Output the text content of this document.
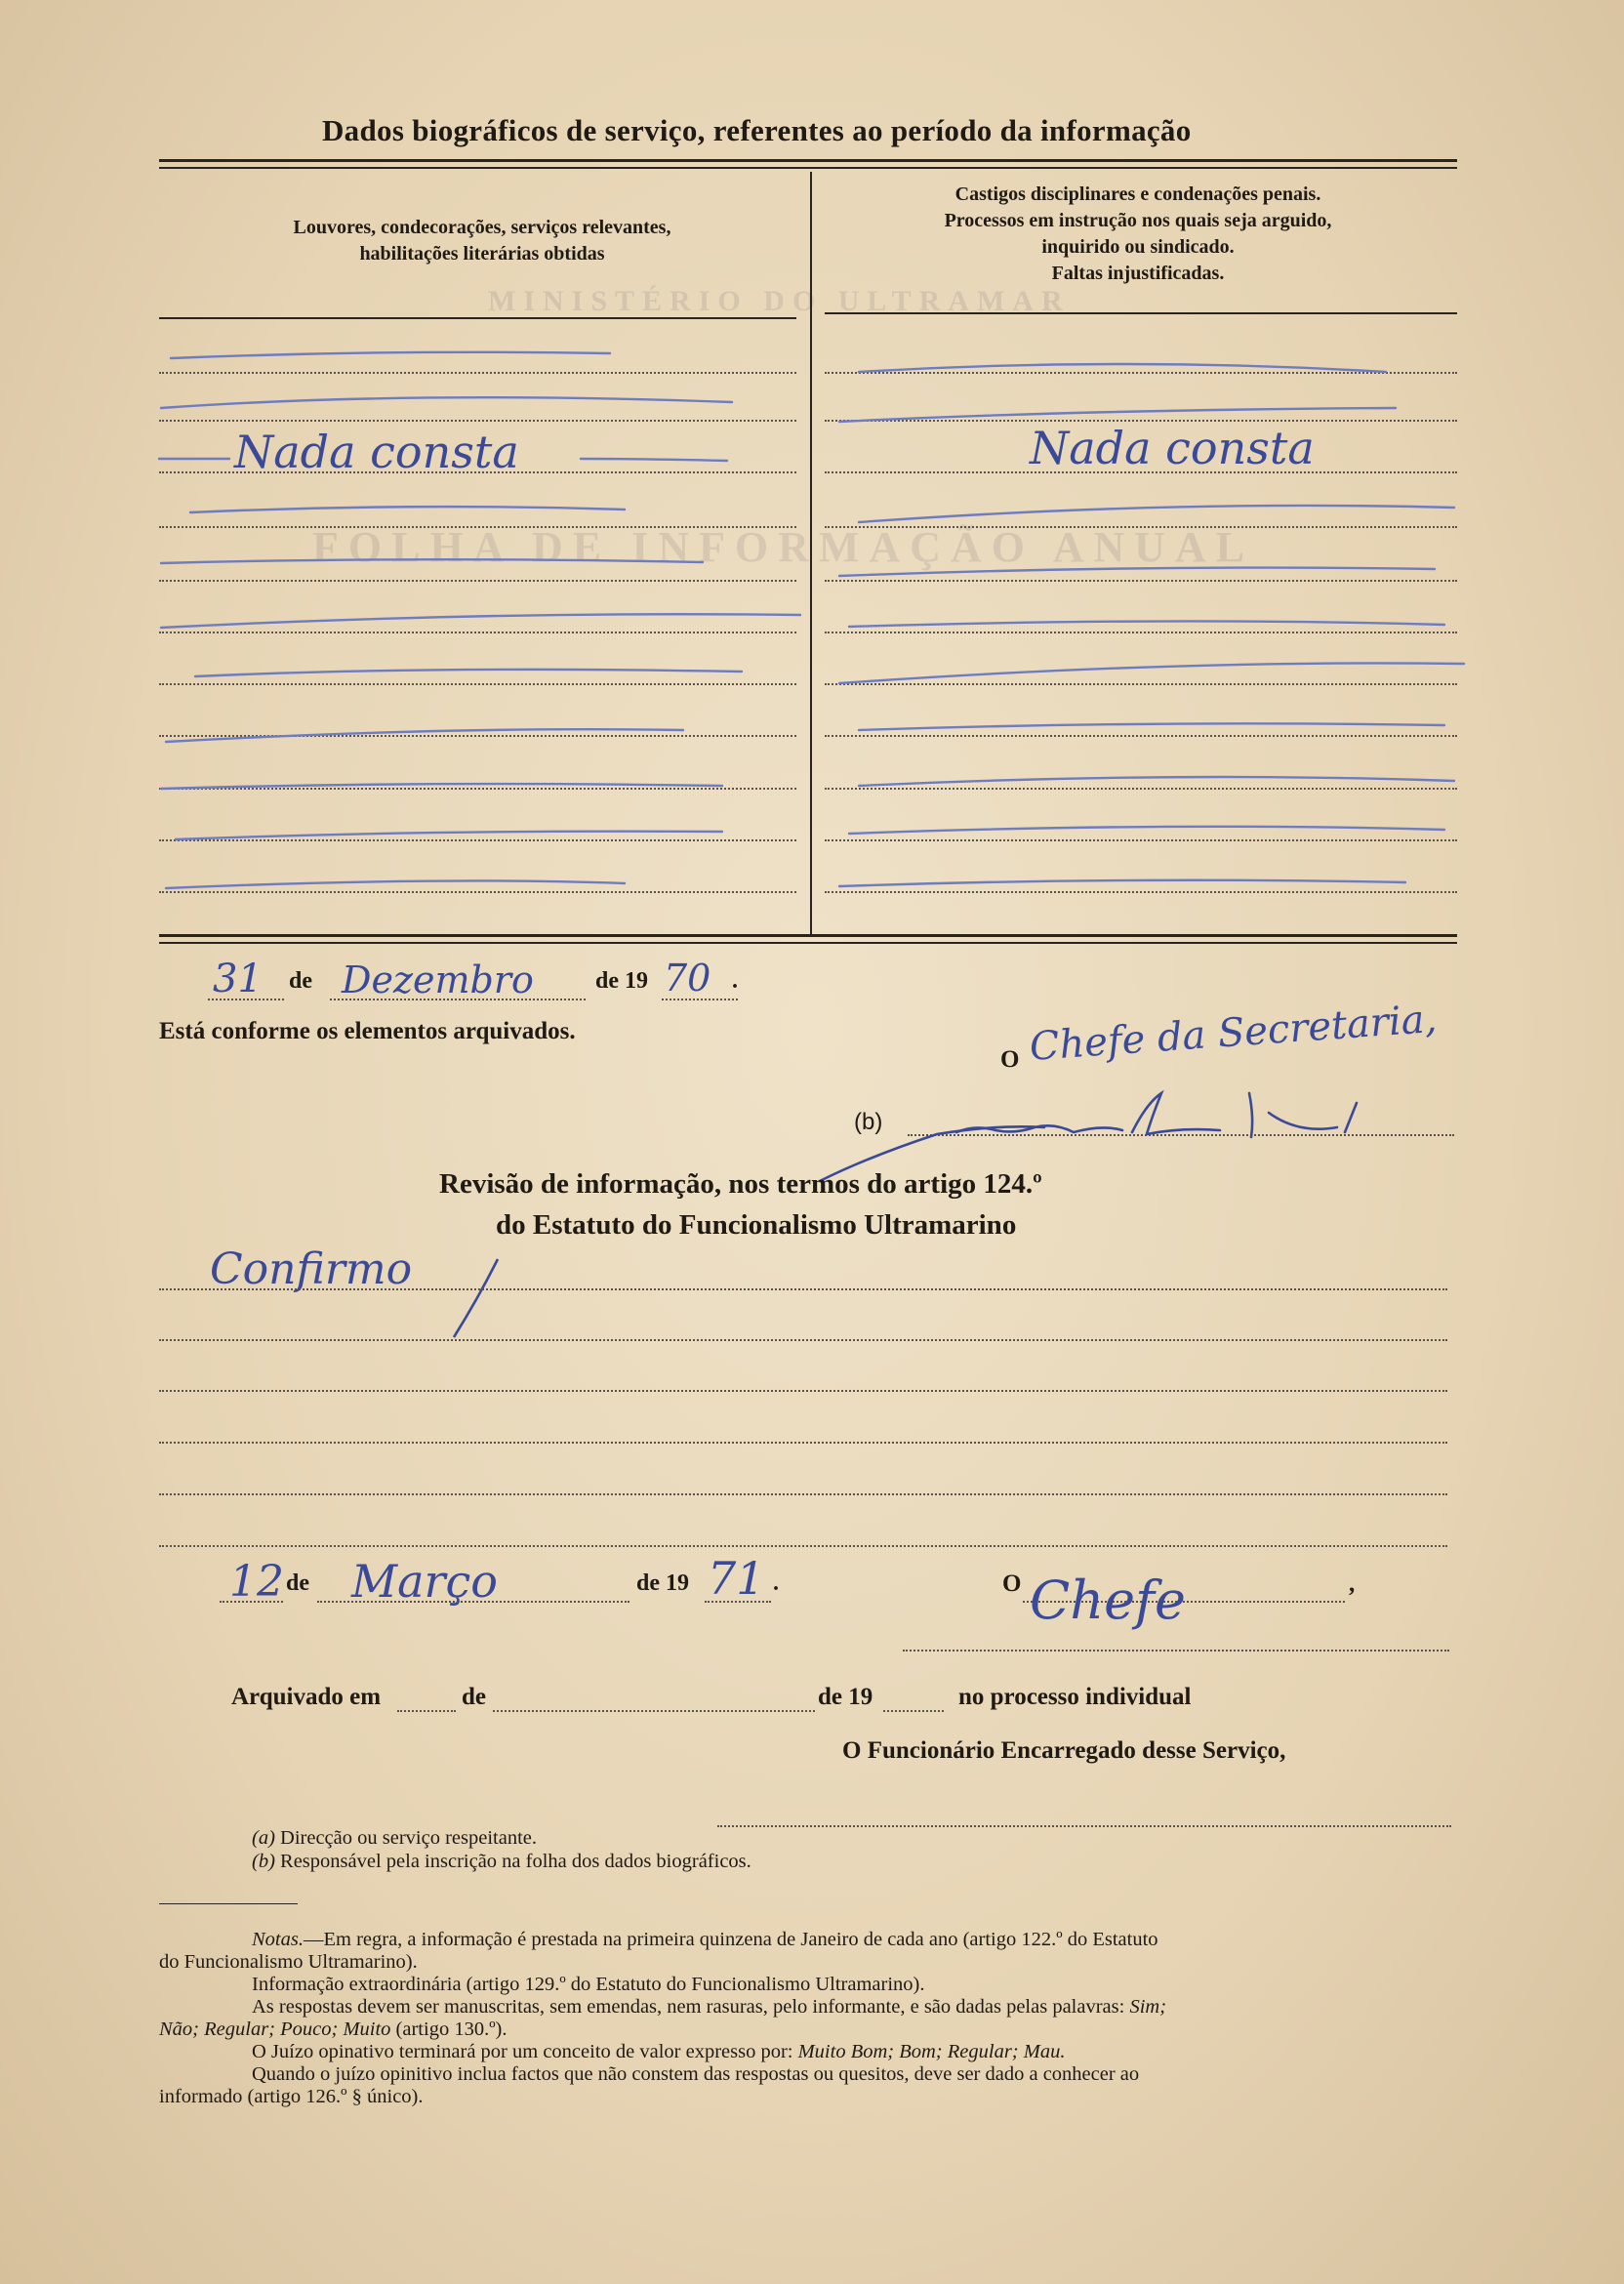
MINISTÉRIO DO ULTRAMAR
FOLHA DE INFORMAÇÃO ANUAL
Dados biográficos de serviço, referentes ao período da informação
Louvores, condecorações, serviços relevantes,
habilitações literárias obtidas
Castigos disciplinares e condenações penais.
Processos em instrução nos quais seja arguido,
inquirido ou sindicado.
Faltas injustificadas.
Nada consta	Nada consta
31 de Dezembro	de 19 70 .
Está conforme os elementos arquivados.
O Chefe da Secretaria,
(b)
Revisão de informação, nos termos do artigo 124.º
do Estatuto do Funcionalismo Ultramarino
Confirmo
12 de Março	de 19 71 .	O	,
Chefe
Arquivado em	de	de 19	no processo individual
O Funcionário Encarregado desse Serviço,
(a) Direcção ou serviço respeitante.
(b) Responsável pela inscrição na folha dos dados biográficos.
Notas.—Em regra, a informação é prestada na primeira quinzena de Janeiro de cada ano (artigo 122.º do Estatuto
do Funcionalismo Ultramarino).
Informação extraordinária (artigo 129.º do Estatuto do Funcionalismo Ultramarino).
As respostas devem ser manuscritas, sem emendas, nem rasuras, pelo informante, e são dadas pelas palavras: Sim;
Não; Regular; Pouco; Muito (artigo 130.º).
O Juízo opinativo terminará por um conceito de valor expresso por: Muito Bom; Bom; Regular; Mau.
Quando o juízo opinitivo inclua factos que não constem das respostas ou quesitos, deve ser dado a conhecer ao
informado (artigo 126.º § único).
